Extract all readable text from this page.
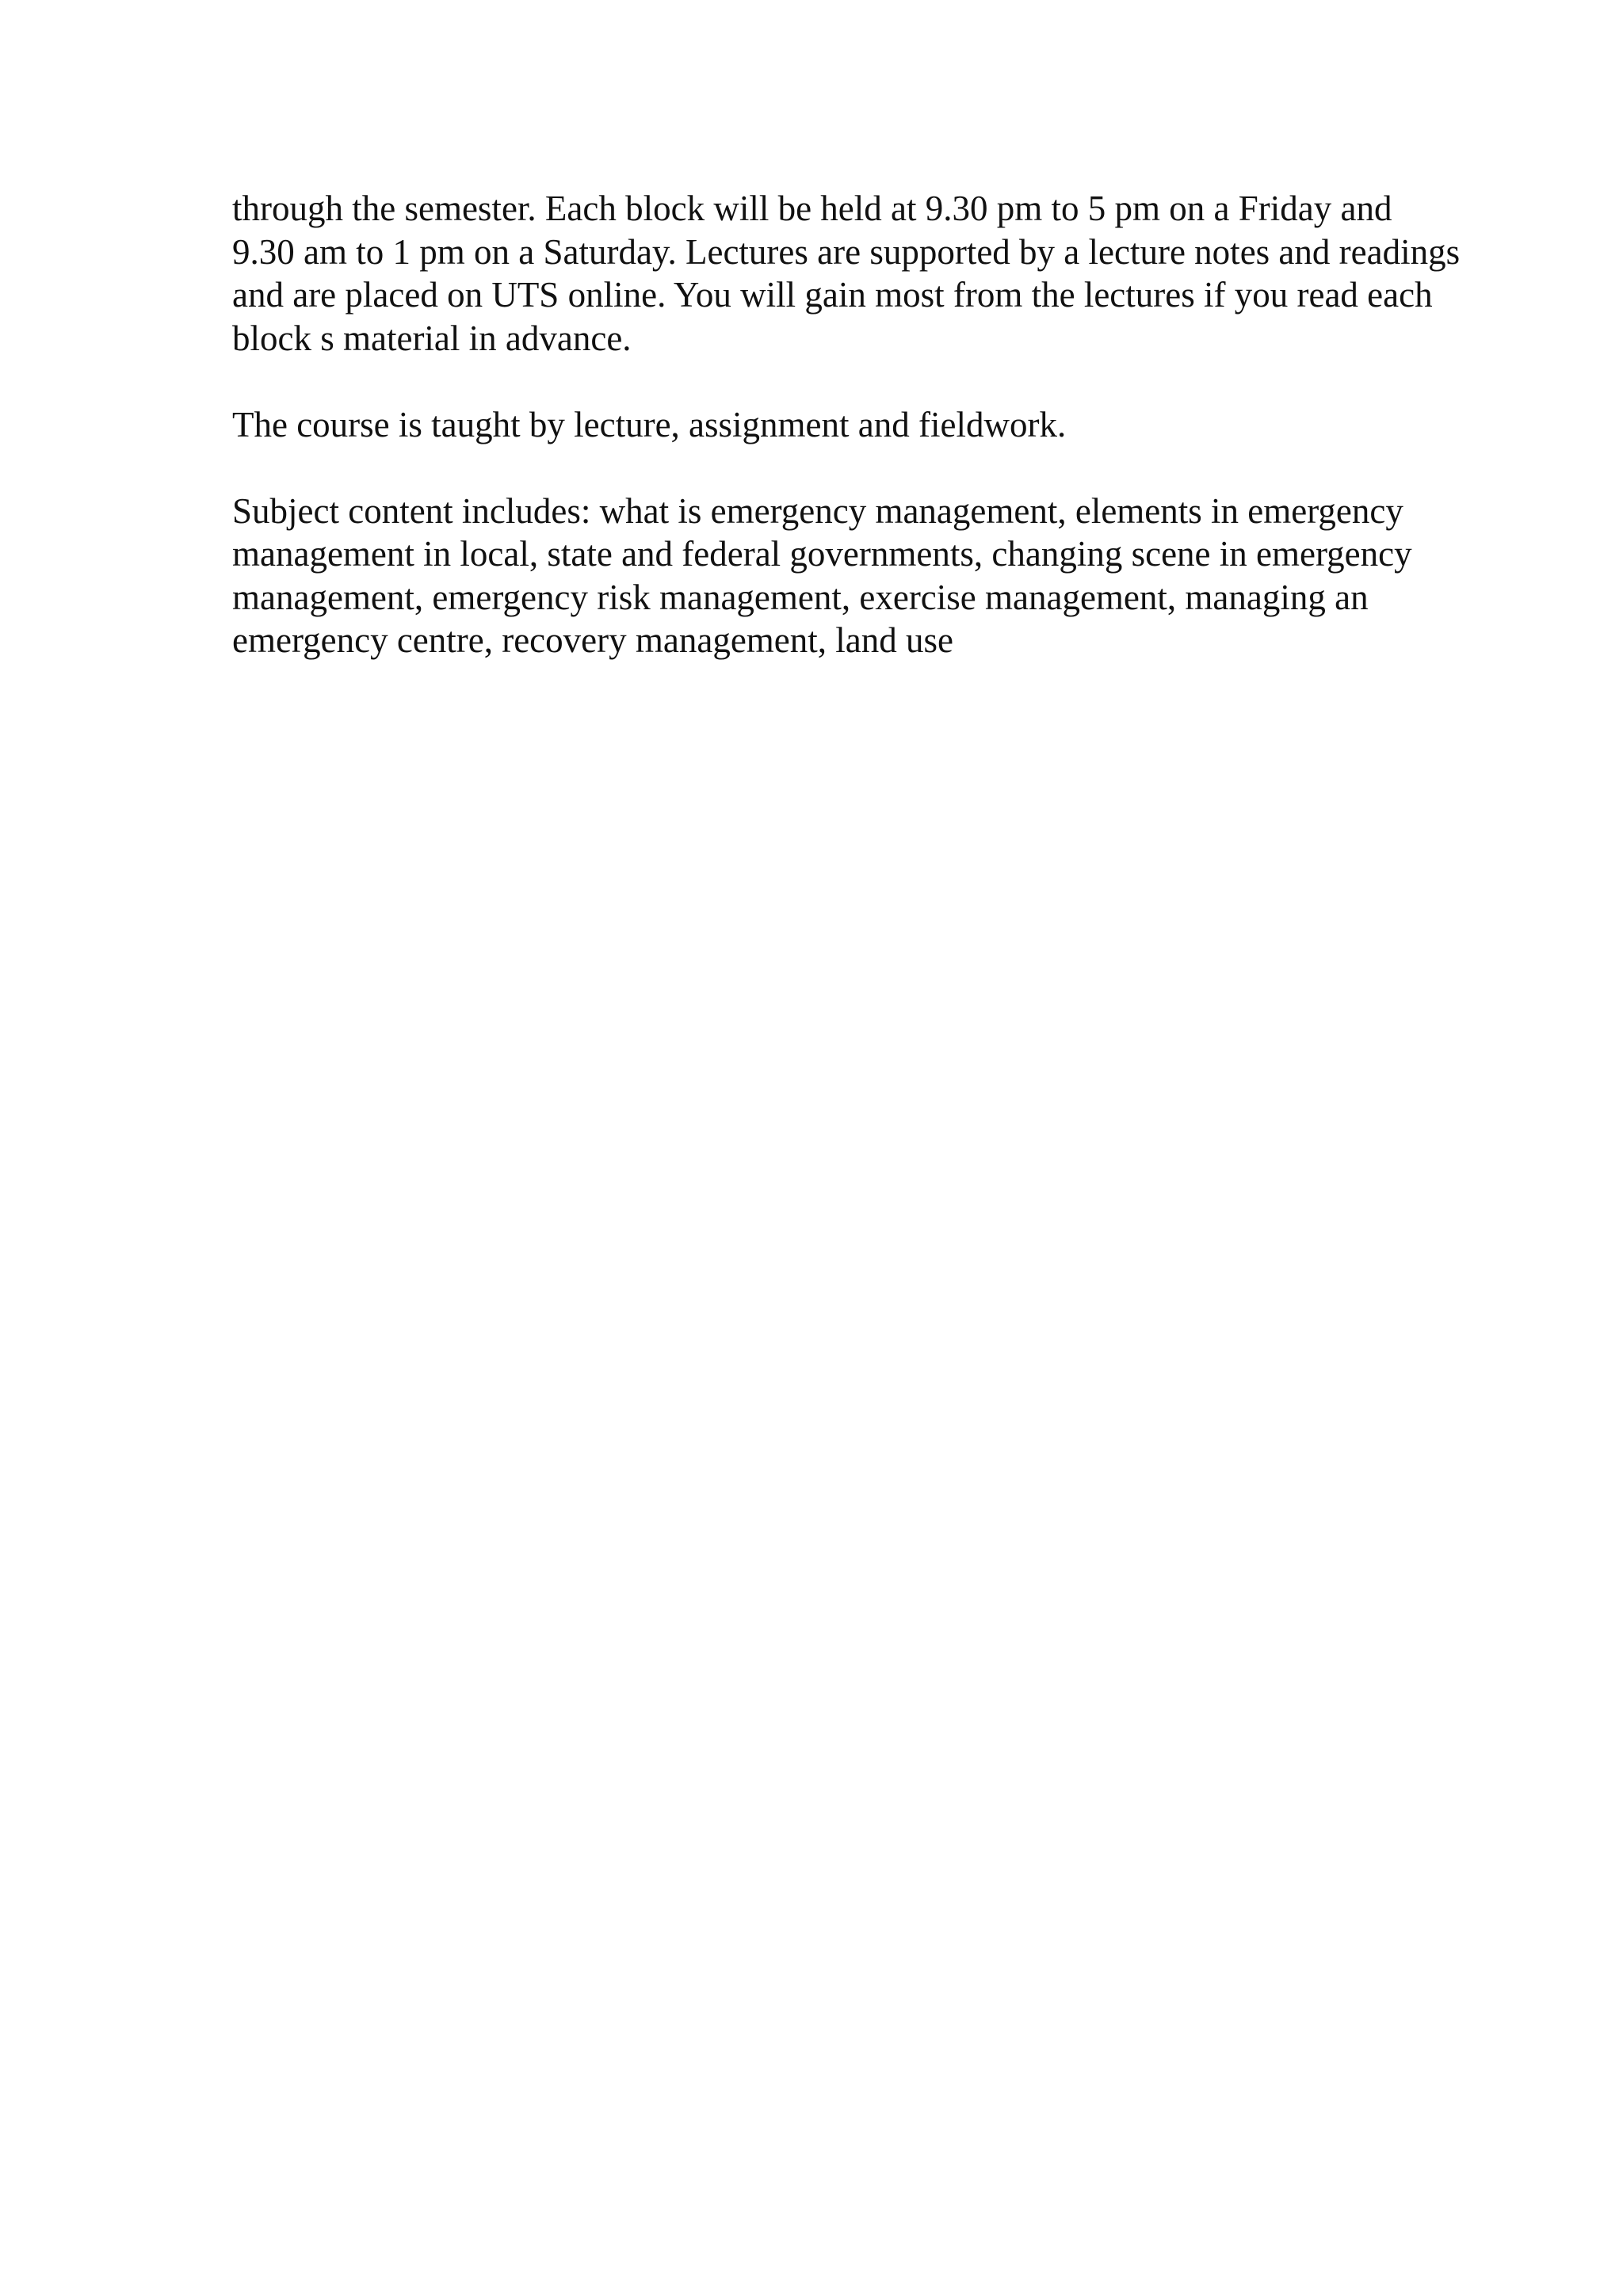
through the semester. Each block will be held at 9.30 pm to 5 pm on a Friday and
9.30 am to 1 pm on a Saturday. Lectures are supported by a lecture notes and readings
and are placed on UTS online. You will gain most from the lectures if you read each
block s material in advance.

The course is taught by lecture, assignment and fieldwork.

Subject content includes: what is emergency management, elements in emergency
management in local, state and federal governments, changing scene in emergency
management, emergency risk management, exercise management, managing an
emergency centre, recovery management, land use
